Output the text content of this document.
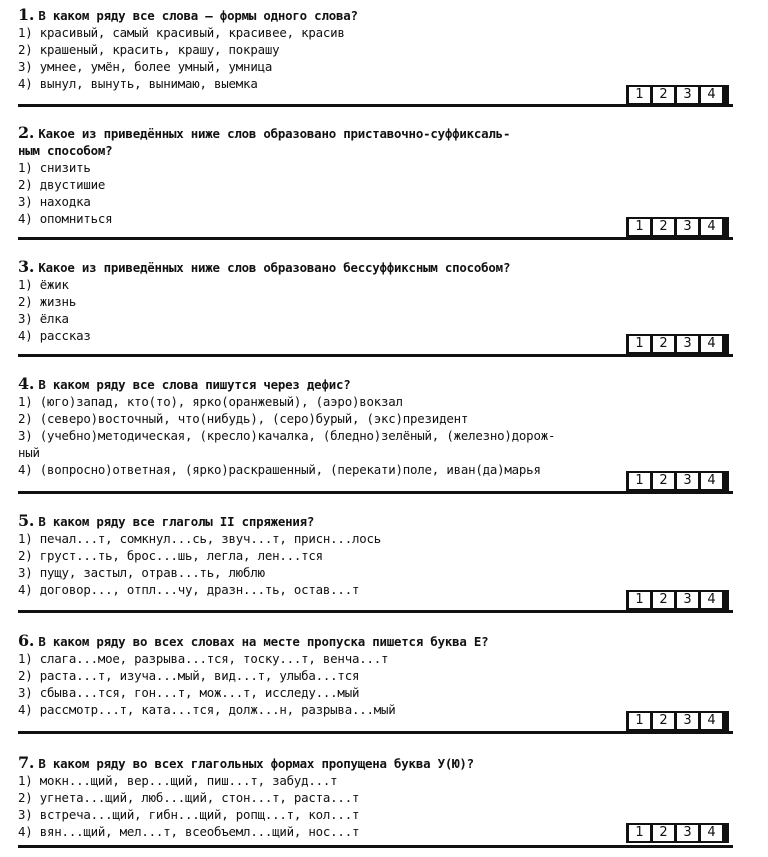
1. В каком ряду все слова — формы одного слова?
1) красивый, самый красивый, красивее, красив
2) крашеный, красить, крашу, покрашу
3) умнее, умён, более умный, умница
4) вынул, вынуть, вынимаю, выемка
1	2	3	4
2. Какое из приведённых ниже слов образовано приставочно-суффиксаль-
ным способом?
1) снизить
2) двустишие
3) находка
4) опомниться
1	2	3	4
3. Какое из приведённых ниже слов образовано бессуффиксным способом?
1) ёжик
2) жизнь
3) ёлка
4) рассказ
1	2	3	4
4. В каком ряду все слова пишутся через дефис?
1) (юго)запад, кто(то), ярко(оранжевый), (аэро)вокзал
2) (северо)восточный, что(нибудь), (серо)бурый, (экс)президент
3) (учебно)методическая, (кресло)качалка, (бледно)зелёный, (железно)дорож-
ный
4) (вопросно)ответная, (ярко)раскрашенный, (перекати)поле, иван(да)марья
1	2	3	4
5. В каком ряду все глаголы II спряжения?
1) печал...т, сомкнул...сь, звуч...т, присн...лось
2) груст...ть, брос...шь, легла, лен...тся
3) пущу, застыл, отрав...ть, люблю
4) договор..., отпл...чу, дразн...ть, остав...т
1	2	3	4
6. В каком ряду во всех словах на месте пропуска пишется буква Е?
1) слага...мое, разрыва...тся, тоску...т, венча...т
2) раста...т, изуча...мый, вид...т, улыба...тся
3) сбыва...тся, гон...т, мож...т, исследу...мый
4) рассмотр...т, ката...тся, долж...н, разрыва...мый
1	2	3	4
7. В каком ряду во всех глагольных формах пропущена буква У(Ю)?
1) мокн...щий, вер...щий, пиш...т, забуд...т
2) угнета...щий, люб...щий, стон...т, раста...т
3) встреча...щий, гибн...щий, ропщ...т, кол...т
4) вян...щий, мел...т, всеобъемл...щий, нос...т	1	2	3	4
